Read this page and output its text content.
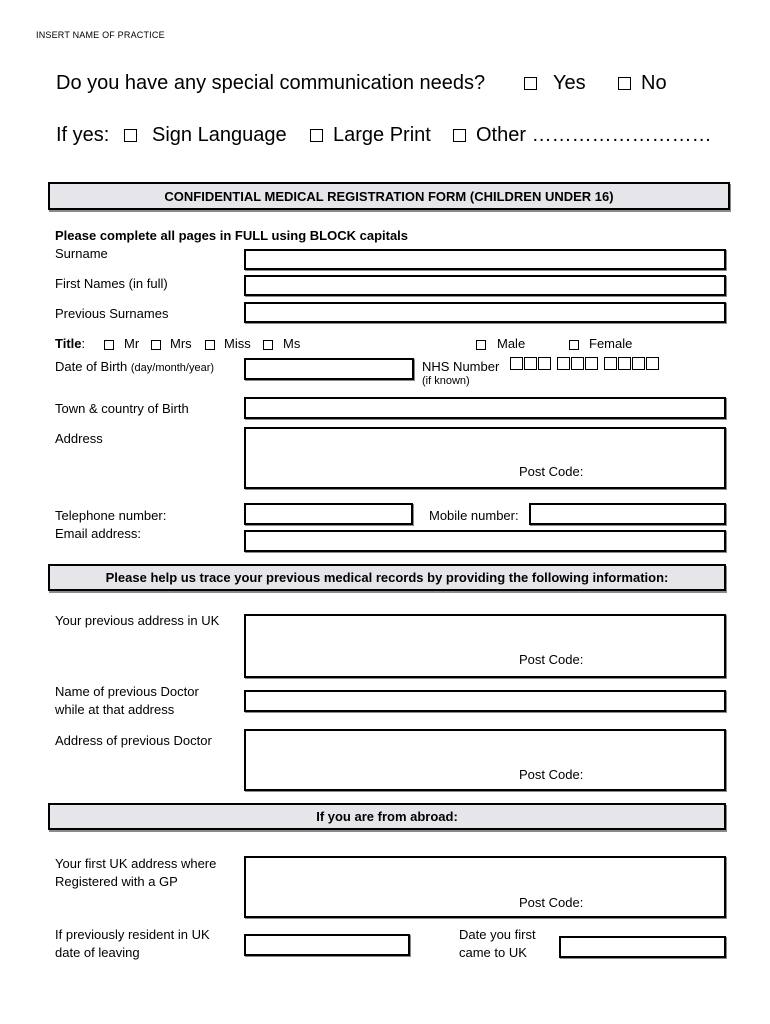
INSERT NAME OF PRACTICE
Do you have any special communication needs?	Yes	No
If yes: Sign Language Large Print Other ………………………
CONFIDENTIAL MEDICAL REGISTRATION FORM (CHILDREN UNDER 16)
Please complete all pages in FULL using BLOCK capitals
Surname
First Names (in full)
Previous Surnames
Title:	Mr Mrs Miss Ms	Male	Female
Date of Birth (day/month/year)	NHS Number
(if known)
Town & country of Birth
Address
Post Code:
Telephone number:	Mobile number:
Email address:
Please help us trace your previous medical records by providing the following information:
Your previous address in UK
Post Code:
Name of previous Doctor
while at that address
Address of previous Doctor
Post Code:
If you are from abroad:
Your first UK address where
Registered with a GP
Post Code:
If previously resident in UK
date of leaving
Date you first
came to UK
